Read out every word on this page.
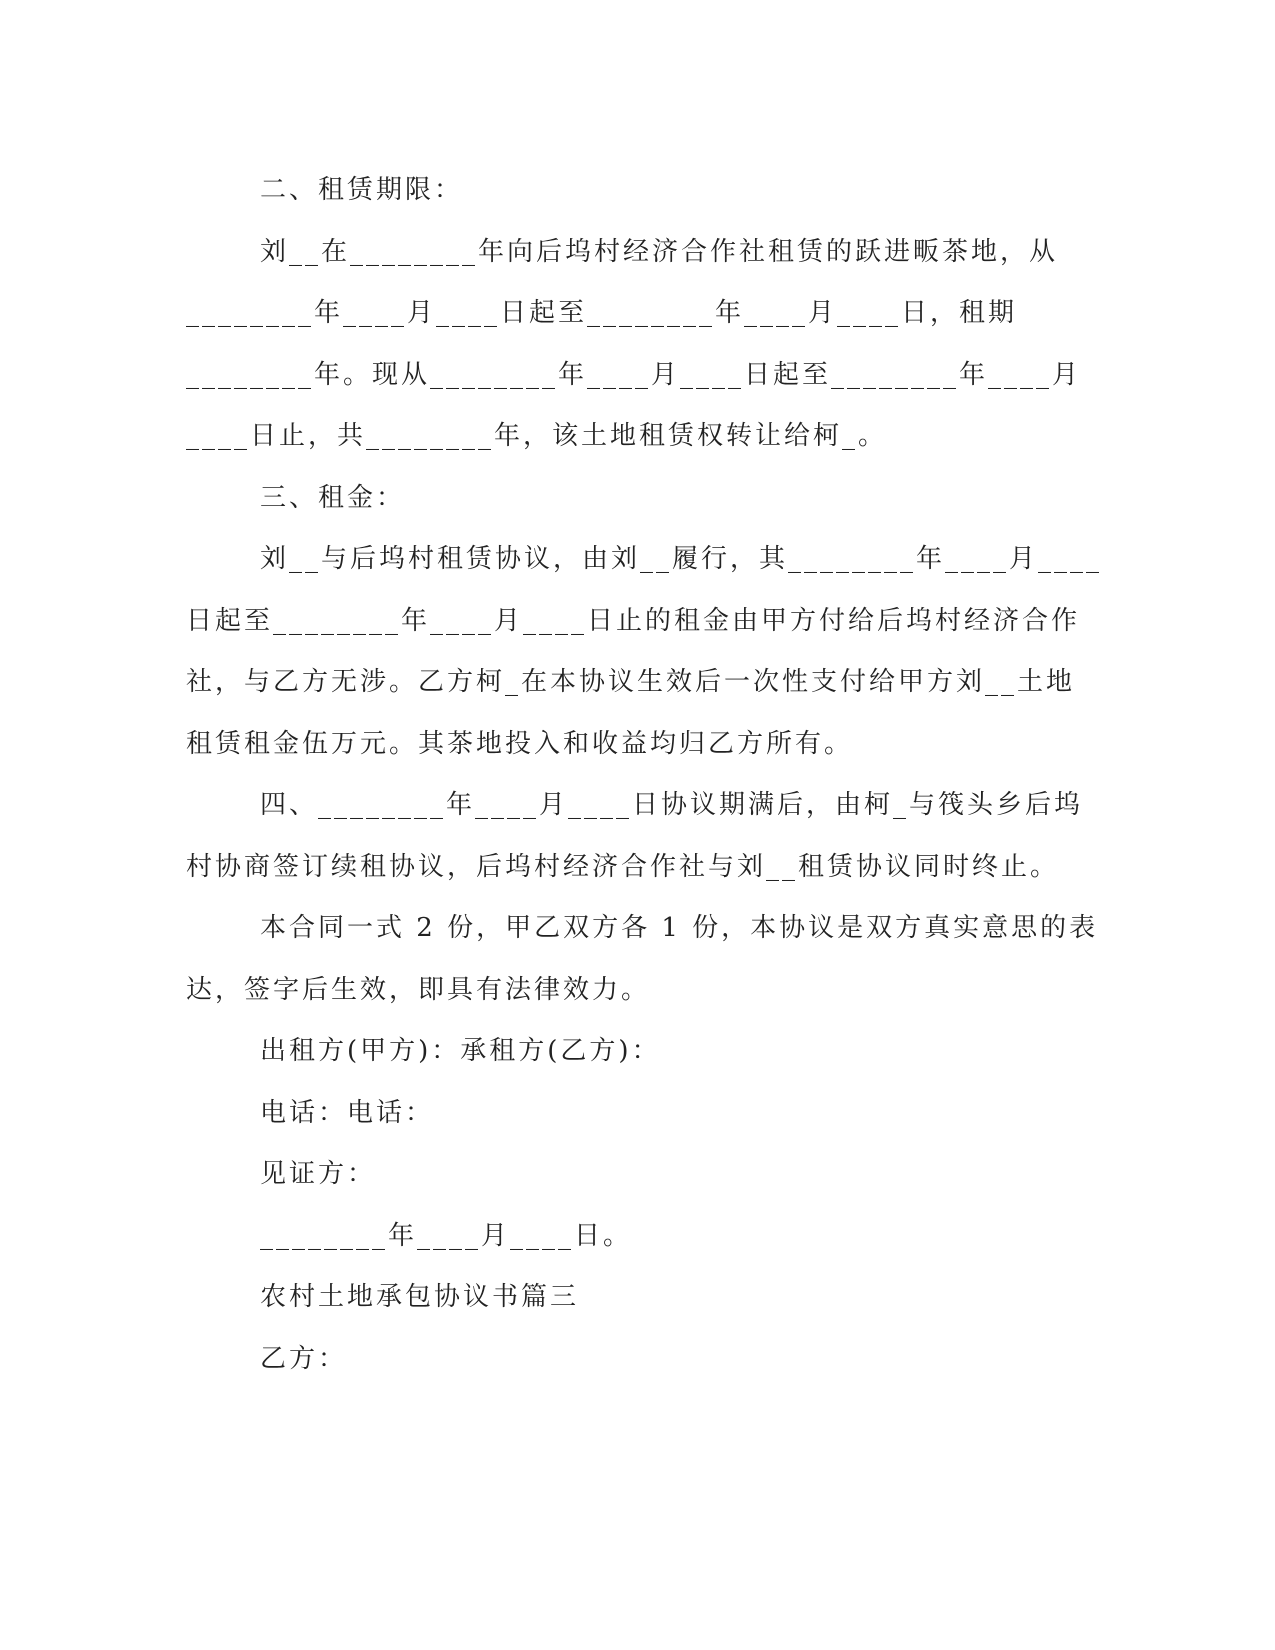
二、租赁期限：

刘__在________年向后坞村经济合作社租赁的跃进畈茶地，从

________年____月____日起至________年____月____日，租期

________年。现从________年____月____日起至________年____月

____日止，共________年，该土地租赁权转让给柯_。

三、租金：

刘__与后坞村租赁协议，由刘__履行，其________年____月____

日起至________年____月____日止的租金由甲方付给后坞村经济合作

社，与乙方无涉。乙方柯_在本协议生效后一次性支付给甲方刘__土地

租赁租金伍万元。其茶地投入和收益均归乙方所有。

四、________年____月____日协议期满后，由柯_与筏头乡后坞

村协商签订续租协议，后坞村经济合作社与刘__租赁协议同时终止。

本合同一式 2 份，甲乙双方各 1 份，本协议是双方真实意思的表

达，签字后生效，即具有法律效力。

出租方(甲方)：承租方(乙方)：

电话：电话：

见证方：

________年____月____日。

农村土地承包协议书篇三

乙方：
